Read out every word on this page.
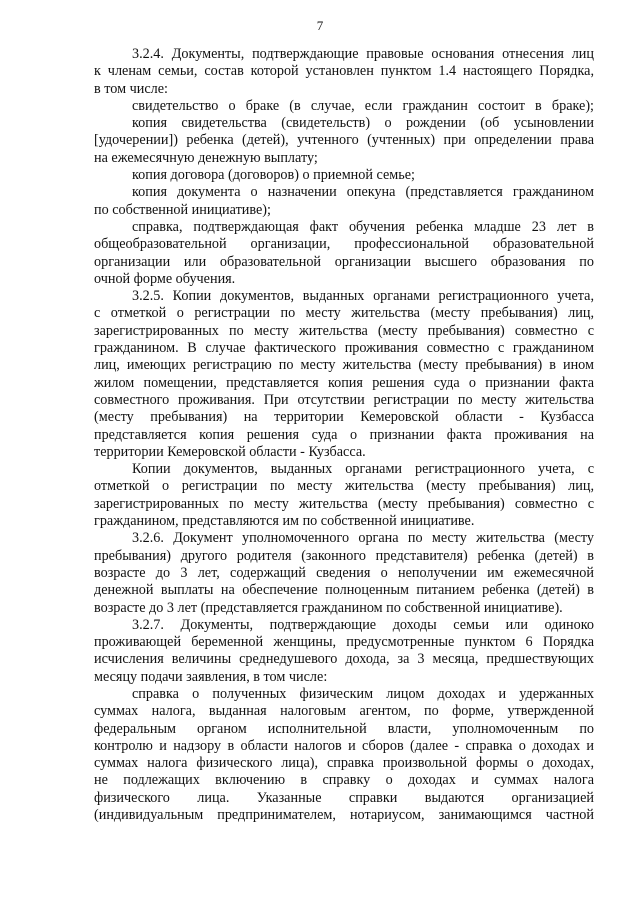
7
3.2.4. Документы, подтверждающие правовые основания отнесения лиц
к членам семьи, состав которой установлен пунктом 1.4 настоящего Порядка,
в том числе:
свидетельство о браке (в случае, если гражданин состоит в браке);
копия свидетельства (свидетельств) о рождении (об усыновлении
[удочерении]) ребенка (детей), учтенного (учтенных) при определении права
на ежемесячную денежную выплату;
копия договора (договоров) о приемной семье;
копия документа о назначении опекуна (представляется гражданином
по собственной инициативе);
справка, подтверждающая факт обучения ребенка младше 23 лет в
общеобразовательной организации, профессиональной образовательной
организации или образовательной организации высшего образования по
очной форме обучения.
3.2.5. Копии документов, выданных органами регистрационного учета,
с отметкой о регистрации по месту жительства (месту пребывания) лиц,
зарегистрированных по месту жительства (месту пребывания) совместно с
гражданином. В случае фактического проживания совместно с гражданином
лиц, имеющих регистрацию по месту жительства (месту пребывания) в ином
жилом помещении, представляется копия решения суда о признании факта
совместного проживания. При отсутствии регистрации по месту жительства
(месту пребывания) на территории Кемеровской области - Кузбасса
представляется копия решения суда о признании факта проживания на
территории Кемеровской области - Кузбасса.
Копии документов, выданных органами регистрационного учета, с
отметкой о регистрации по месту жительства (месту пребывания) лиц,
зарегистрированных по месту жительства (месту пребывания) совместно с
гражданином, представляются им по собственной инициативе.
3.2.6. Документ уполномоченного органа по месту жительства (месту
пребывания) другого родителя (законного представителя) ребенка (детей) в
возрасте до 3 лет, содержащий сведения о неполучении им ежемесячной
денежной выплаты на обеспечение полноценным питанием ребенка (детей) в
возрасте до 3 лет (представляется гражданином по собственной инициативе).
3.2.7. Документы, подтверждающие доходы семьи или одиноко
проживающей беременной женщины, предусмотренные пунктом 6 Порядка
исчисления величины среднедушевого дохода, за 3 месяца, предшествующих
месяцу подачи заявления, в том числе:
справка о полученных физическим лицом доходах и удержанных
суммах налога, выданная налоговым агентом, по форме, утвержденной
федеральным органом исполнительной власти, уполномоченным по
контролю и надзору в области налогов и сборов (далее - справка о доходах и
суммах налога физического лица), справка произвольной формы о доходах,
не подлежащих включению в справку о доходах и суммах налога
физического лица. Указанные справки выдаются организацией
(индивидуальным предпринимателем, нотариусом, занимающимся частной
